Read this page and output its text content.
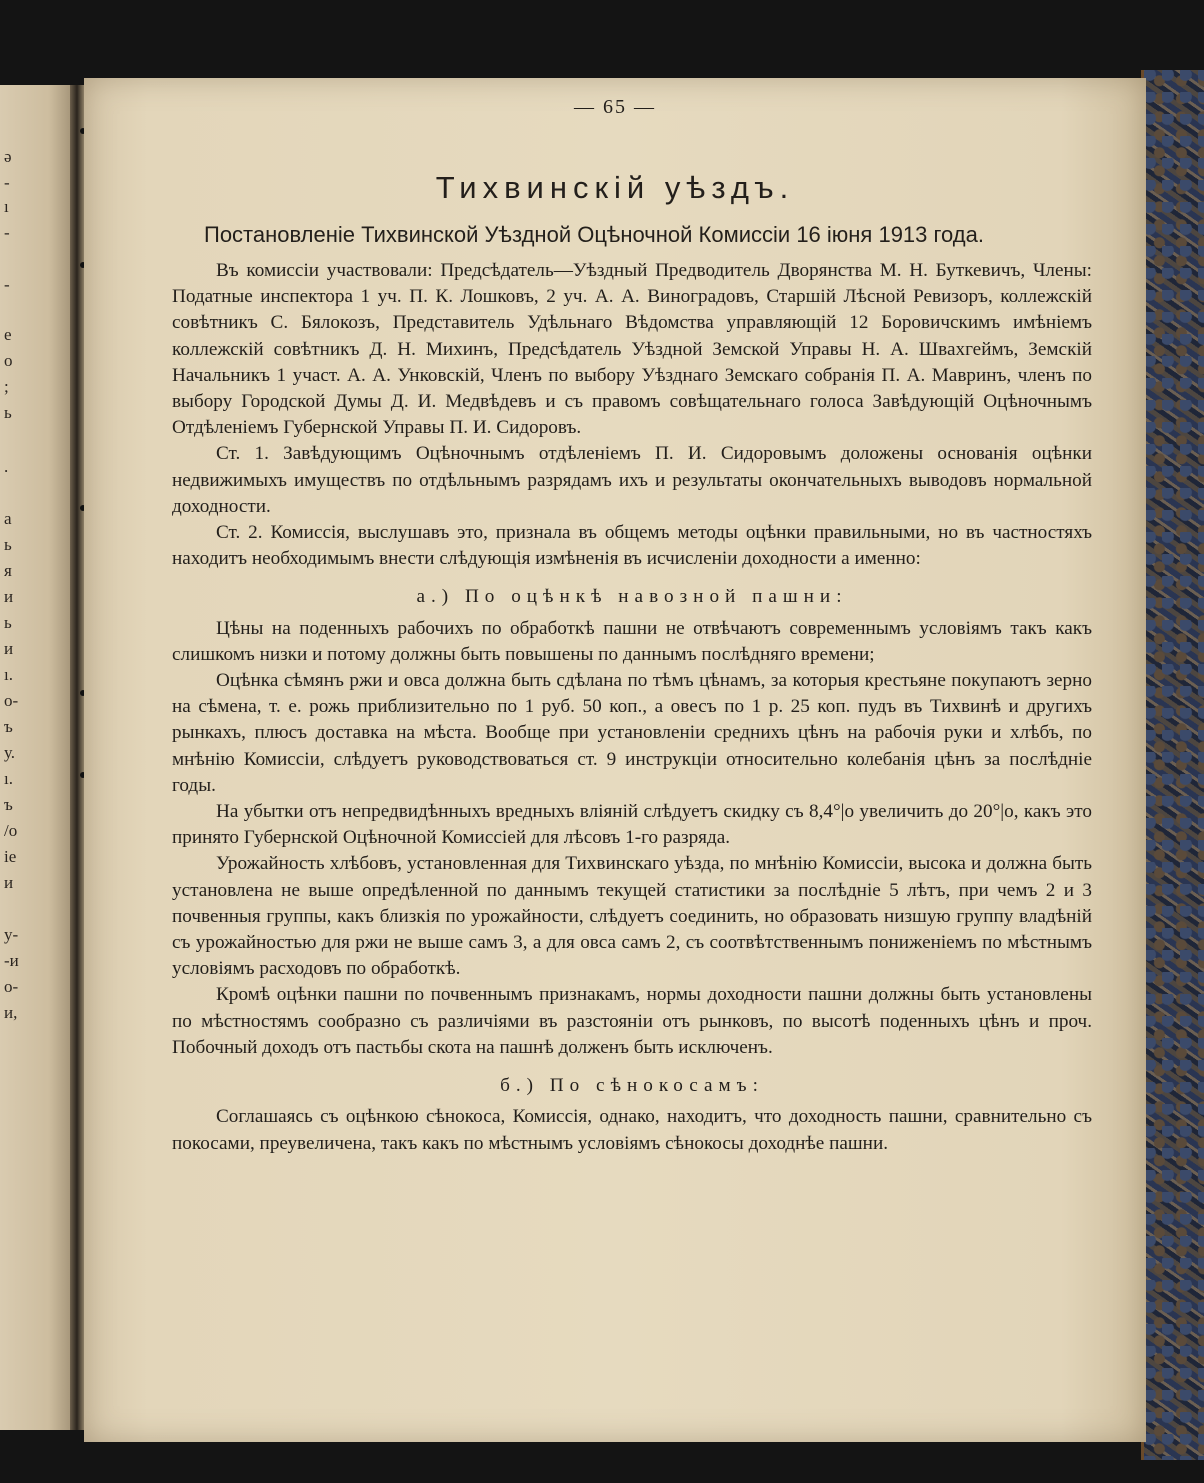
ə
-
ı
-
-
e
o
;
ь
.
a
ь
я
и
ь
и
ı.
о-
ъ
у.
ı.
ъ
/о
іе
и
у-
-и
о-
и,
— 65 —
Тихвинскій уѣздъ.
Постановленіе Тихвинской Уѣздной Оцѣночной Комиссіи 16 іюня 1913 года.

Въ комиссіи участвовали: Предсѣдатель—Уѣздный Предводитель Дворянства М. Н. Буткевичъ, Члены: Податные инспектора 1 уч. П. К. Лошковъ, 2 уч. А. А. Виноградовъ, Старшій Лѣсной Ревизоръ, коллежскій совѣтникъ С. Бялокозъ, Представитель Удѣльнаго Вѣдомства управляющій 12 Боровичскимъ имѣніемъ коллежскій совѣтникъ Д. Н. Михинъ, Предсѣдатель Уѣздной Земской Управы Н. А. Швахгеймъ, Земскій Начальникъ 1 участ. А. А. Унковскій, Членъ по выбору Уѣзднаго Земскаго собранія П. А. Мавринъ, членъ по выбору Городской Думы Д. И. Медвѣдевъ и съ правомъ совѣщательнаго голоса Завѣдующій Оцѣночнымъ Отдѣленіемъ Губернской Управы П. И. Сидоровъ.

Ст. 1. Завѣдующимъ Оцѣночнымъ отдѣленіемъ П. И. Сидоровымъ доложены основанія оцѣнки недвижимыхъ имуществъ по отдѣльнымъ разрядамъ ихъ и результаты окончательныхъ выводовъ нормальной доходности.

Ст. 2. Комиссія, выслушавъ это, признала въ общемъ методы оцѣнки правильными, но въ частностяхъ находитъ необходимымъ внести слѣдующія измѣненія въ исчисленіи доходности а именно:

а.) По оцѣнкѣ навозной пашни:

Цѣны на поденныхъ рабочихъ по обработкѣ пашни не отвѣчаютъ современнымъ условіямъ такъ какъ слишкомъ низки и потому должны быть повышены по даннымъ послѣдняго времени;

Оцѣнка сѣмянъ ржи и овса должна быть сдѣлана по тѣмъ цѣнамъ, за которыя крестьяне покупаютъ зерно на сѣмена, т. е. рожь приблизительно по 1 руб. 50 коп., а овесъ по 1 р. 25 коп. пудъ въ Тихвинѣ и другихъ рынкахъ, плюсъ доставка на мѣста. Вообще при установленіи среднихъ цѣнъ на рабочія руки и хлѣбъ, по мнѣнію Комиссіи, слѣдуетъ руководствоваться ст. 9 инструкціи относительно колебанія цѣнъ за послѣдніе годы.

На убытки отъ непредвидѣнныхъ вредныхъ вліяній слѣдуетъ скидку съ 8,4°|о увеличить до 20°|о, какъ это принято Губернской Оцѣночной Комиссіей для лѣсовъ 1-го разряда.

Урожайность хлѣбовъ, установленная для Тихвинскаго уѣзда, по мнѣнію Комиссіи, высока и должна быть установлена не выше опредѣленной по даннымъ текущей статистики за послѣдніе 5 лѣтъ, при чемъ 2 и 3 почвенныя группы, какъ близкія по урожайности, слѣдуетъ соединить, но образовать низшую группу владѣній съ урожайностью для ржи не выше самъ 3, а для овса самъ 2, съ соотвѣтственнымъ пониженіемъ по мѣстнымъ условіямъ расходовъ по обработкѣ.

Кромѣ оцѣнки пашни по почвеннымъ признакамъ, нормы доходности пашни должны быть установлены по мѣстностямъ сообразно съ различіями въ разстояніи отъ рынковъ, по высотѣ поденныхъ цѣнъ и проч. Побочный доходъ отъ пастьбы скота на пашнѣ долженъ быть исключенъ.

б.) По сѣнокосамъ:

Соглашаясь съ оцѣнкою сѣнокоса, Комиссія, однако, находитъ, что доходность пашни, сравнительно съ покосами, преувеличена, такъ какъ по мѣстнымъ условіямъ сѣнокосы доходнѣе пашни.
